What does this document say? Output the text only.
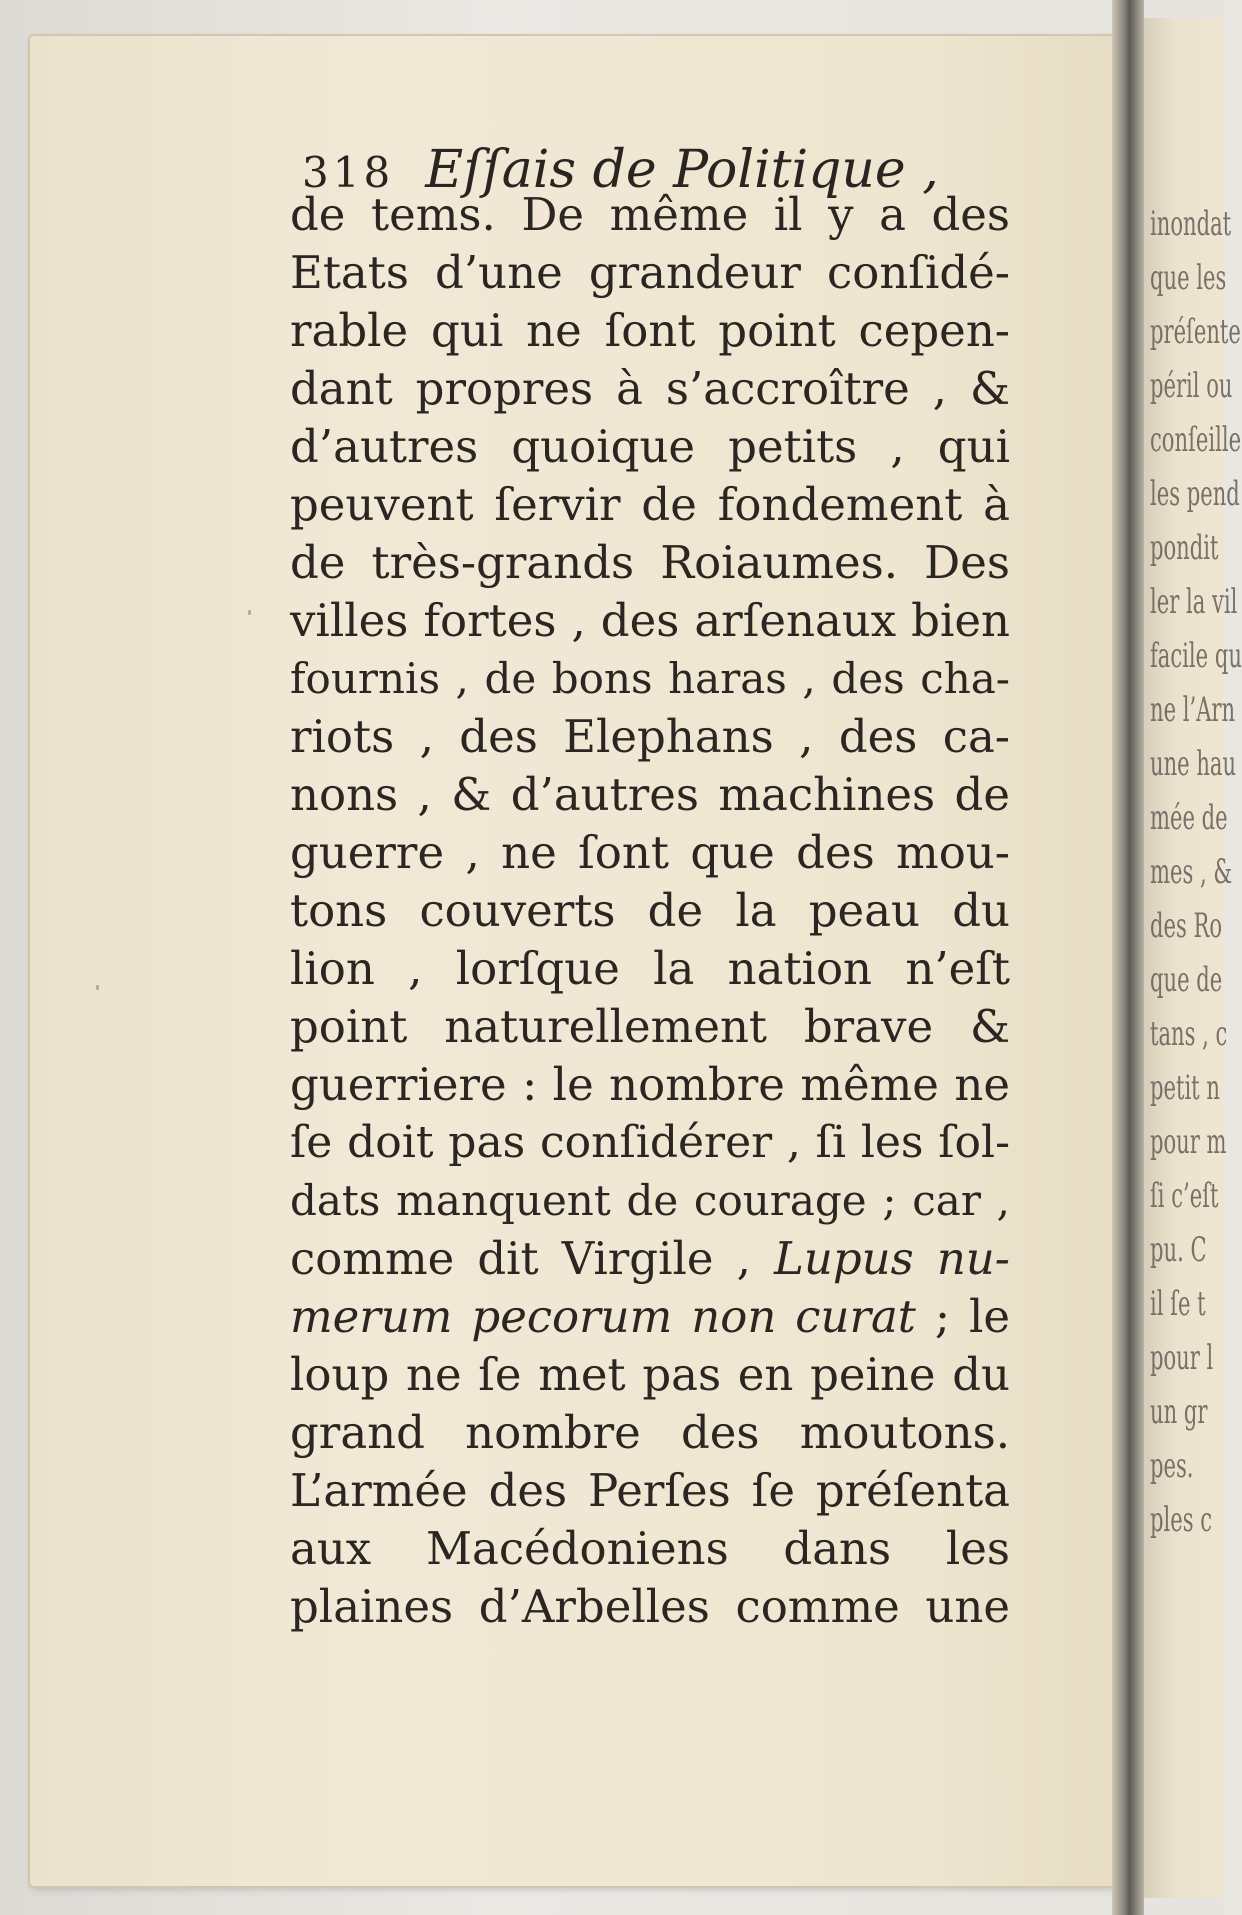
inondat
que les
préſente
péril ou
conſeille
les pend
pondit
ler la vil
facile qu
ne l’Arn
une hau
mée de
mes , &
des Ro
que de
tans , c
petit n
pour m
ſi c’eſt
pu. C
il ſe t
pour l
un gr
pes.
ples c
318 Eſſais de Politique ,
de tems. De même il y a des
Etats d’une grandeur conſidé-
rable qui ne ſont point cepen-
dant propres à s’accroître , &
d’autres quoique petits , qui
peuvent ſervir de fondement à
de très-grands Roiaumes. Des
villes fortes , des arſenaux bien
fournis , de bons haras , des cha-
riots , des Elephans , des ca-
nons , & d’autres machines de
guerre , ne ſont que des mou-
tons couverts de la peau du
lion , lorſque la nation n’eſt
point naturellement brave &
guerriere : le nombre même ne
ſe doit pas conſidérer , ſi les ſol-
dats manquent de courage ; car ,
comme dit Virgile , Lupus nu-
merum pecorum non curat ; le
loup ne ſe met pas en peine du
grand nombre des moutons.
L’armée des Perſes ſe préſenta
aux Macédoniens dans les
plaines d’Arbelles comme une
